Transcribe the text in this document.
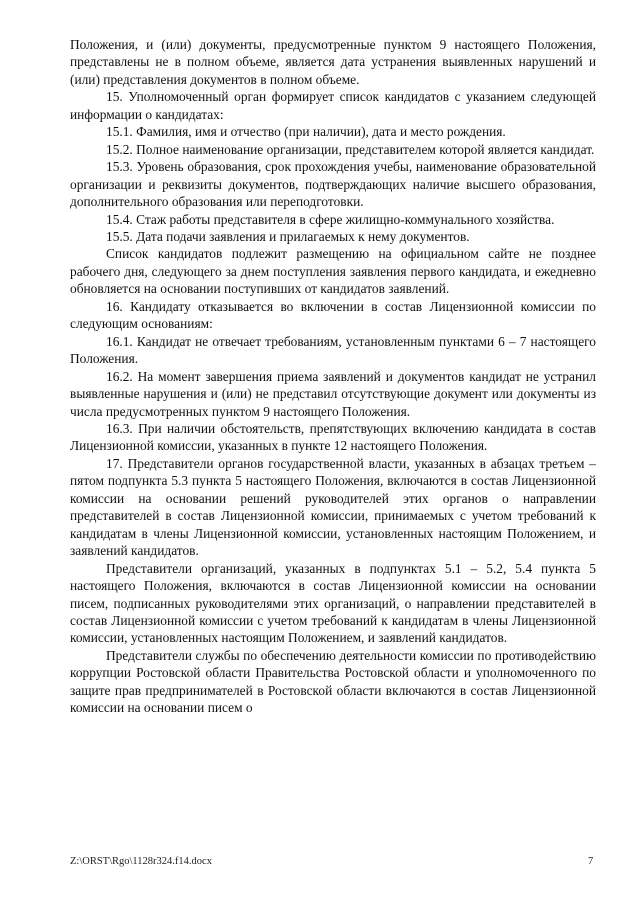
Положения, и (или) документы, предусмотренные пунктом 9 настоящего Положения, представлены не в полном объеме, является дата устранения выявленных нарушений и (или) представления документов в полном объеме.

15. Уполномоченный орган формирует список кандидатов с указанием следующей информации о кандидатах:

15.1. Фамилия, имя и отчество (при наличии), дата и место рождения.

15.2. Полное наименование организации, представителем которой является кандидат.

15.3. Уровень образования, срок прохождения учебы, наименование образовательной организации и реквизиты документов, подтверждающих наличие высшего образования, дополнительного образования или переподготовки.

15.4. Стаж работы представителя в сфере жилищно-коммунального хозяйства.

15.5. Дата подачи заявления и прилагаемых к нему документов.

Список кандидатов подлежит размещению на официальном сайте не позднее рабочего дня, следующего за днем поступления заявления первого кандидата, и ежедневно обновляется на основании поступивших от кандидатов заявлений.

16. Кандидату отказывается во включении в состав Лицензионной комиссии по следующим основаниям:

16.1. Кандидат не отвечает требованиям, установленным пунктами 6 – 7 настоящего Положения.

16.2. На момент завершения приема заявлений и документов кандидат не устранил выявленные нарушения и (или) не представил отсутствующие документ или документы из числа предусмотренных пунктом 9 настоящего Положения.

16.3. При наличии обстоятельств, препятствующих включению кандидата в состав Лицензионной комиссии, указанных в пункте 12 настоящего Положения.

17. Представители органов государственной власти, указанных в абзацах третьем – пятом подпункта 5.3 пункта 5 настоящего Положения, включаются в состав Лицензионной комиссии на основании решений руководителей этих органов о направлении представителей в состав Лицензионной комиссии, принимаемых с учетом требований к кандидатам в члены Лицензионной комиссии, установленных настоящим Положением, и заявлений кандидатов.

Представители организаций, указанных в подпунктах 5.1 – 5.2, 5.4 пункта 5 настоящего Положения, включаются в состав Лицензионной комиссии на основании писем, подписанных руководителями этих организаций, о направлении представителей в состав Лицензионной комиссии с учетом требований к кандидатам в члены Лицензионной комиссии, установленных настоящим Положением, и заявлений кандидатов.

Представители службы по обеспечению деятельности комиссии по противодействию коррупции Ростовской области Правительства Ростовской области и уполномоченного по защите прав предпринимателей в Ростовской области включаются в состав Лицензионной комиссии на основании писем о

Z:\ORST\Rgo\1128r324.f14.docx	7
